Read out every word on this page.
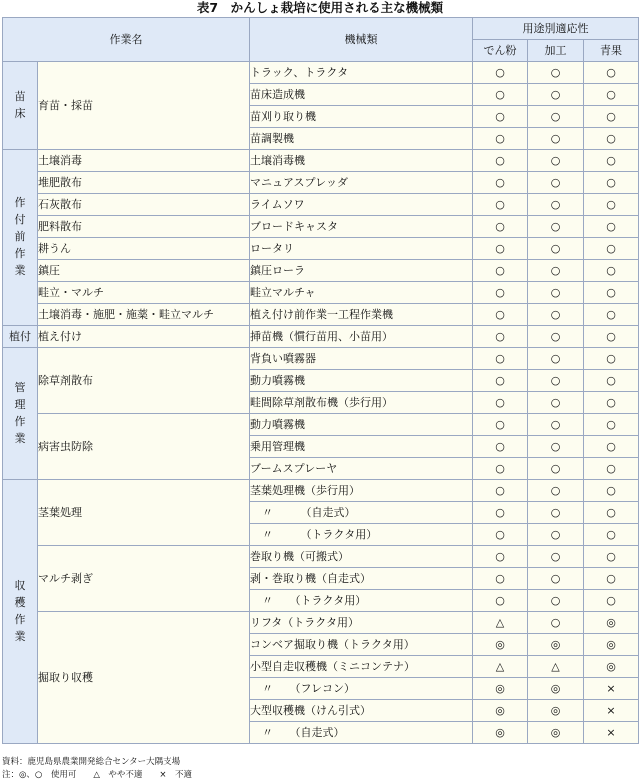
表7　かんしょ栽培に使用される主な機械類
作業名		機械類	用途別適応性		
			でん粉	加工	青果
苗床	育苗・採苗	トラック、トラクタ	○	○	○
		苗床造成機	○	○	○
		苗刈り取り機	○	○	○
		苗調製機	○	○	○
作付前作業	土壌消毒	土壌消毒機	○	○	○
	堆肥散布	マニュアスプレッダ	○	○	○
	石灰散布	ライムソワ	○	○	○
	肥料散布	ブロードキャスタ	○	○	○
	耕うん	ロータリ	○	○	○
	鎮圧	鎮圧ローラ	○	○	○
	畦立・マルチ	畦立マルチャ	○	○	○
	土壌消毒・施肥・施薬・畦立マルチ	植え付け前作業一工程作業機	○	○	○
植付	植え付け	挿苗機（慣行苗用、小苗用）	○	○	○
管理作業	除草剤散布	背負い噴霧器	○	○	○
		動力噴霧機	○	○	○
		畦間除草剤散布機（歩行用）	○	○	○
	病害虫防除	動力噴霧機	○	○	○
		乗用管理機	○	○	○
		ブームスプレーヤ	○	○	○
収穫作業	茎葉処理	茎葉処理機（歩行用）	○	○	○
		〃　　　（自走式）	○	○	○
		〃　　　（トラクタ用）	○	○	○
	マルチ剥ぎ	巻取り機（可搬式）	○	○	○
		剥・巻取り機（自走式）	○	○	○
		〃　　（トラクタ用）	○	○	○
	掘取り収穫	リフタ（トラクタ用）	△	○	◎
		コンベア掘取り機（トラクタ用）	◎	◎	◎
		小型自走収穫機（ミニコンテナ）	△	△	◎
		〃　　（フレコン）	◎	◎	×
		大型収穫機（けん引式）	◎	◎	×
		〃　　（自走式）	◎	◎	×
資料：鹿児島県農業開発総合センター大隅支場
注：◎、○　使用可　　△　やや不適　　×　不適
